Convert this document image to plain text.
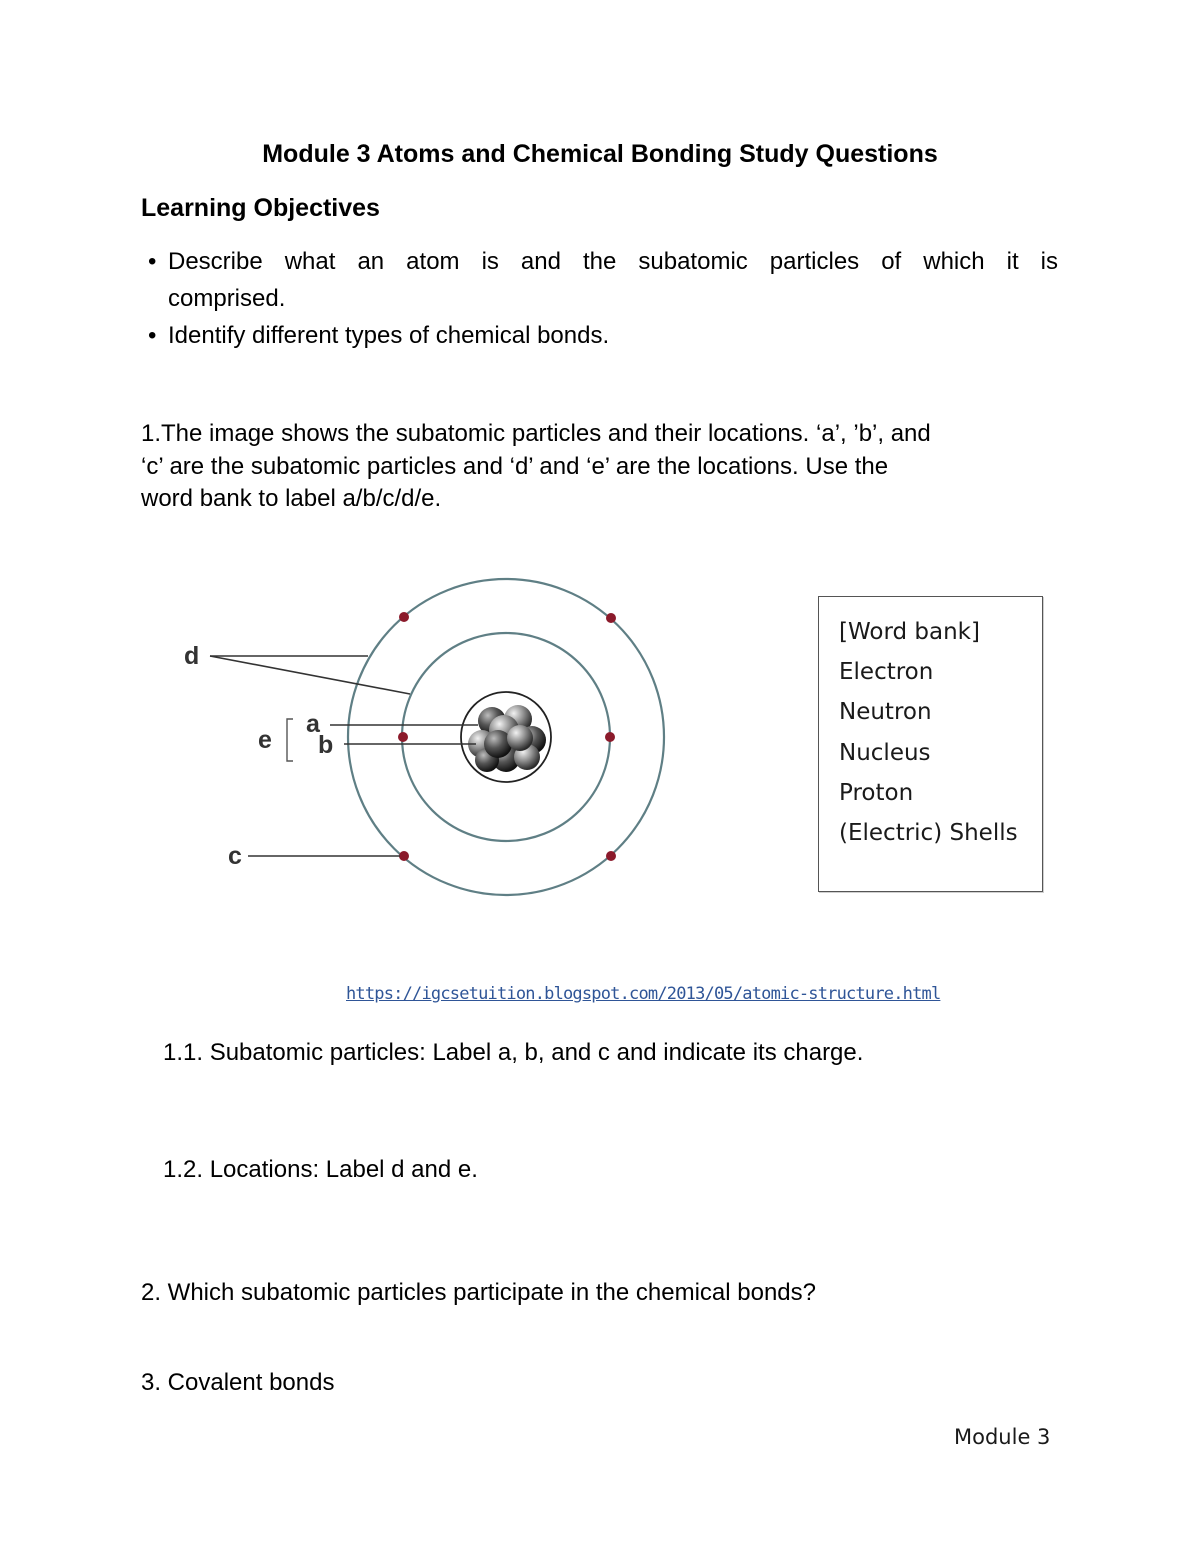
Module 3 Atoms and Chemical Bonding Study Questions
Learning Objectives
• Describe what an atom is and the subatomic particles of which it is
comprised.
• Identify different types of chemical bonds.
1.The image shows the subatomic particles and their locations. ‘a’, ’b’, and
‘c’ are the subatomic particles and ‘d’ and ‘e’ are the locations. Use the
word bank to label a/b/c/d/e.
d
a
b
e
c
[Word bank]
Electron
Neutron
Nucleus
Proton
(Electric) Shells
https://igcsetuition.blogspot.com/2013/05/atomic-structure.html
1.1. Subatomic particles: Label a, b, and c and indicate its charge.
1.2. Locations: Label d and e.
2. Which subatomic particles participate in the chemical bonds?
3. Covalent bonds
Module 3
